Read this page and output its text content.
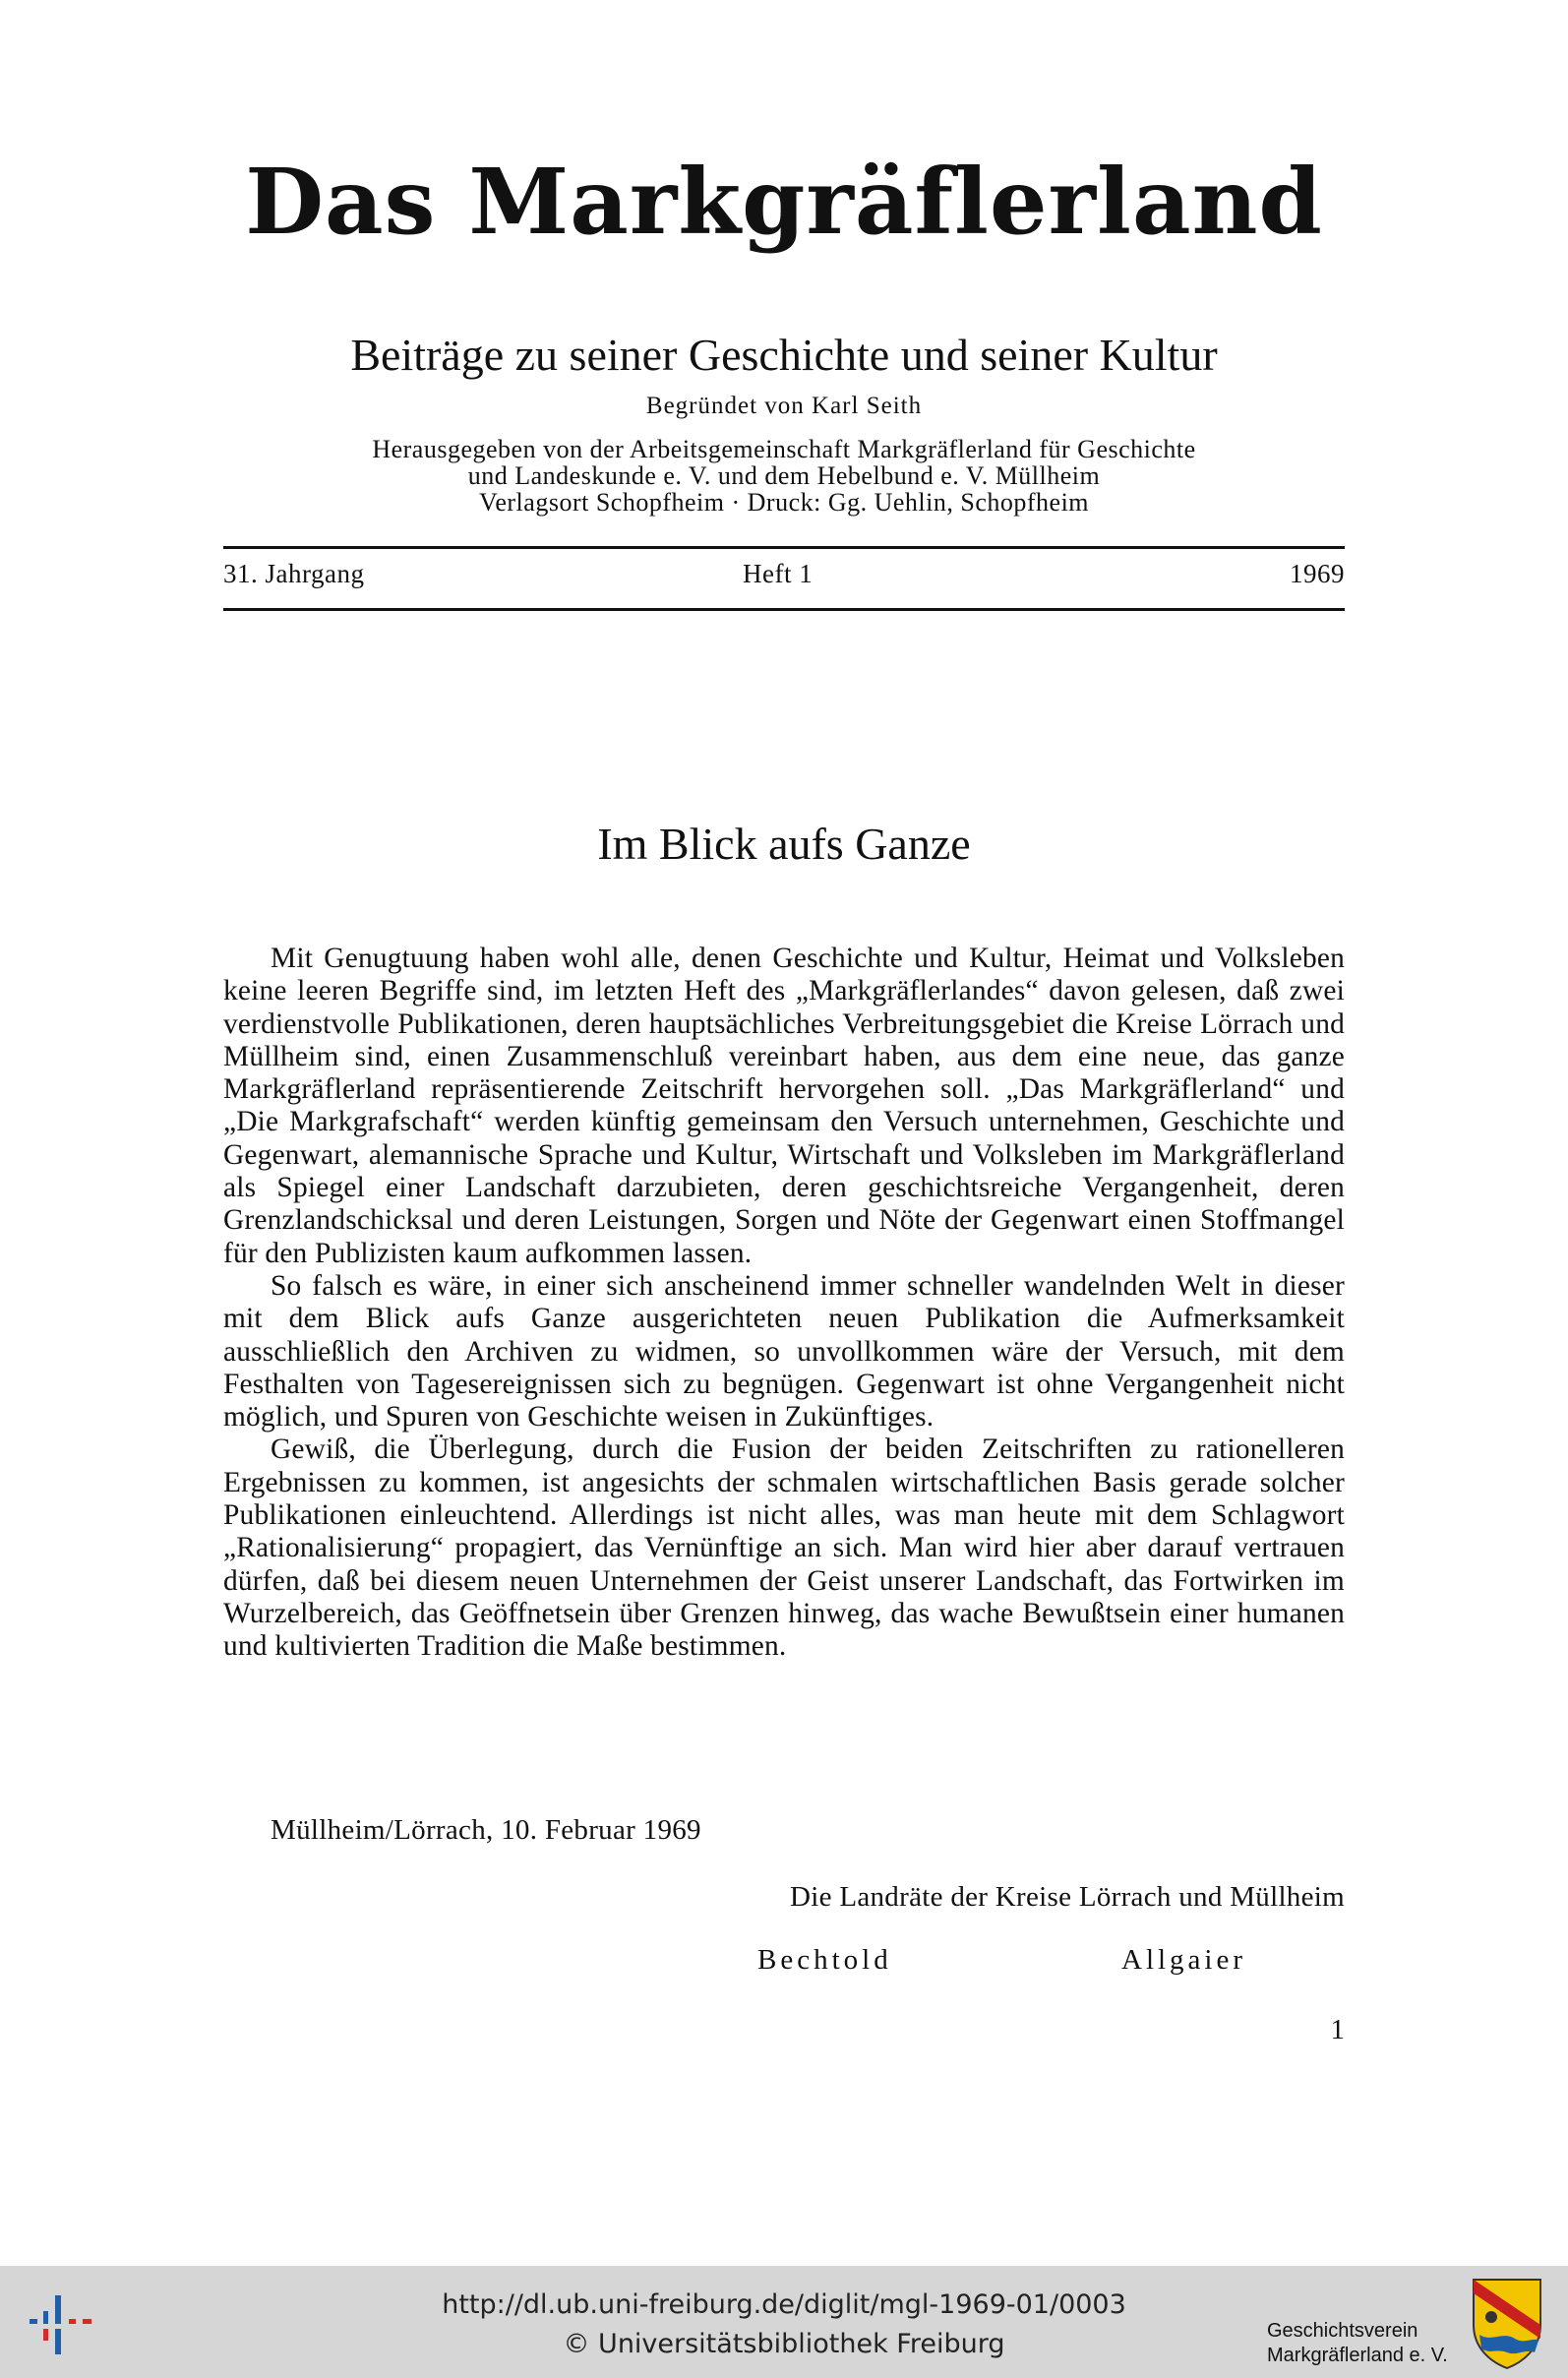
Das Markgräflerland
Beiträge zu seiner Geschichte und seiner Kultur
Begründet von Karl Seith
Herausgegeben von der Arbeitsgemeinschaft Markgräflerland für Geschichte
und Landeskunde e. V. und dem Hebelbund e. V. Müllheim
Verlagsort Schopfheim · Druck: Gg. Uehlin, Schopfheim
31. Jahrgang	Heft 1	1969
Im Blick aufs Ganze

Mit Genugtuung haben wohl alle, denen Geschichte und Kultur, Heimat und Volksleben keine leeren Begriffe sind, im letzten Heft des „Markgräflerlandes“ davon gelesen, daß zwei verdienstvolle Publikationen, deren hauptsächliches Verbreitungsgebiet die Kreise Lörrach und Müllheim sind, einen Zusammenschluß vereinbart haben, aus dem eine neue, das ganze Markgräflerland repräsentierende Zeitschrift hervorgehen soll. „Das Markgräflerland“ und „Die Markgrafschaft“ werden künftig gemeinsam den Versuch unternehmen, Geschichte und Gegenwart, alemannische Sprache und Kultur, Wirtschaft und Volksleben im Markgräflerland als Spiegel einer Landschaft darzubieten, deren geschichtsreiche Vergangenheit, deren Grenzlandschicksal und deren Leistungen, Sorgen und Nöte der Gegenwart einen Stoffmangel für den Publizisten kaum aufkommen lassen.

So falsch es wäre, in einer sich anscheinend immer schneller wandelnden Welt in dieser mit dem Blick aufs Ganze ausgerichteten neuen Publikation die Aufmerksamkeit ausschließlich den Archiven zu widmen, so unvollkommen wäre der Versuch, mit dem Festhalten von Tagesereignissen sich zu begnügen. Gegenwart ist ohne Vergangenheit nicht möglich, und Spuren von Geschichte weisen in Zukünftiges.

Gewiß, die Überlegung, durch die Fusion der beiden Zeitschriften zu rationelleren Ergebnissen zu kommen, ist angesichts der schmalen wirtschaftlichen Basis gerade solcher Publikationen einleuchtend. Allerdings ist nicht alles, was man heute mit dem Schlagwort „Rationalisierung“ propagiert, das Vernünftige an sich. Man wird hier aber darauf vertrauen dürfen, daß bei diesem neuen Unternehmen der Geist unserer Landschaft, das Fortwirken im Wurzelbereich, das Geöffnetsein über Grenzen hinweg, das wache Bewußtsein einer humanen und kultivierten Tradition die Maße bestimmen.

Müllheim/Lörrach, 10. Februar 1969
Die Landräte der Kreise Lörrach und Müllheim
Bechtold	Allgaier
1
http://dl.ub.uni-freiburg.de/diglit/mgl-1969-01/0003
© Universitätsbibliothek Freiburg	Geschichtsverein
Markgräflerland e. V.
